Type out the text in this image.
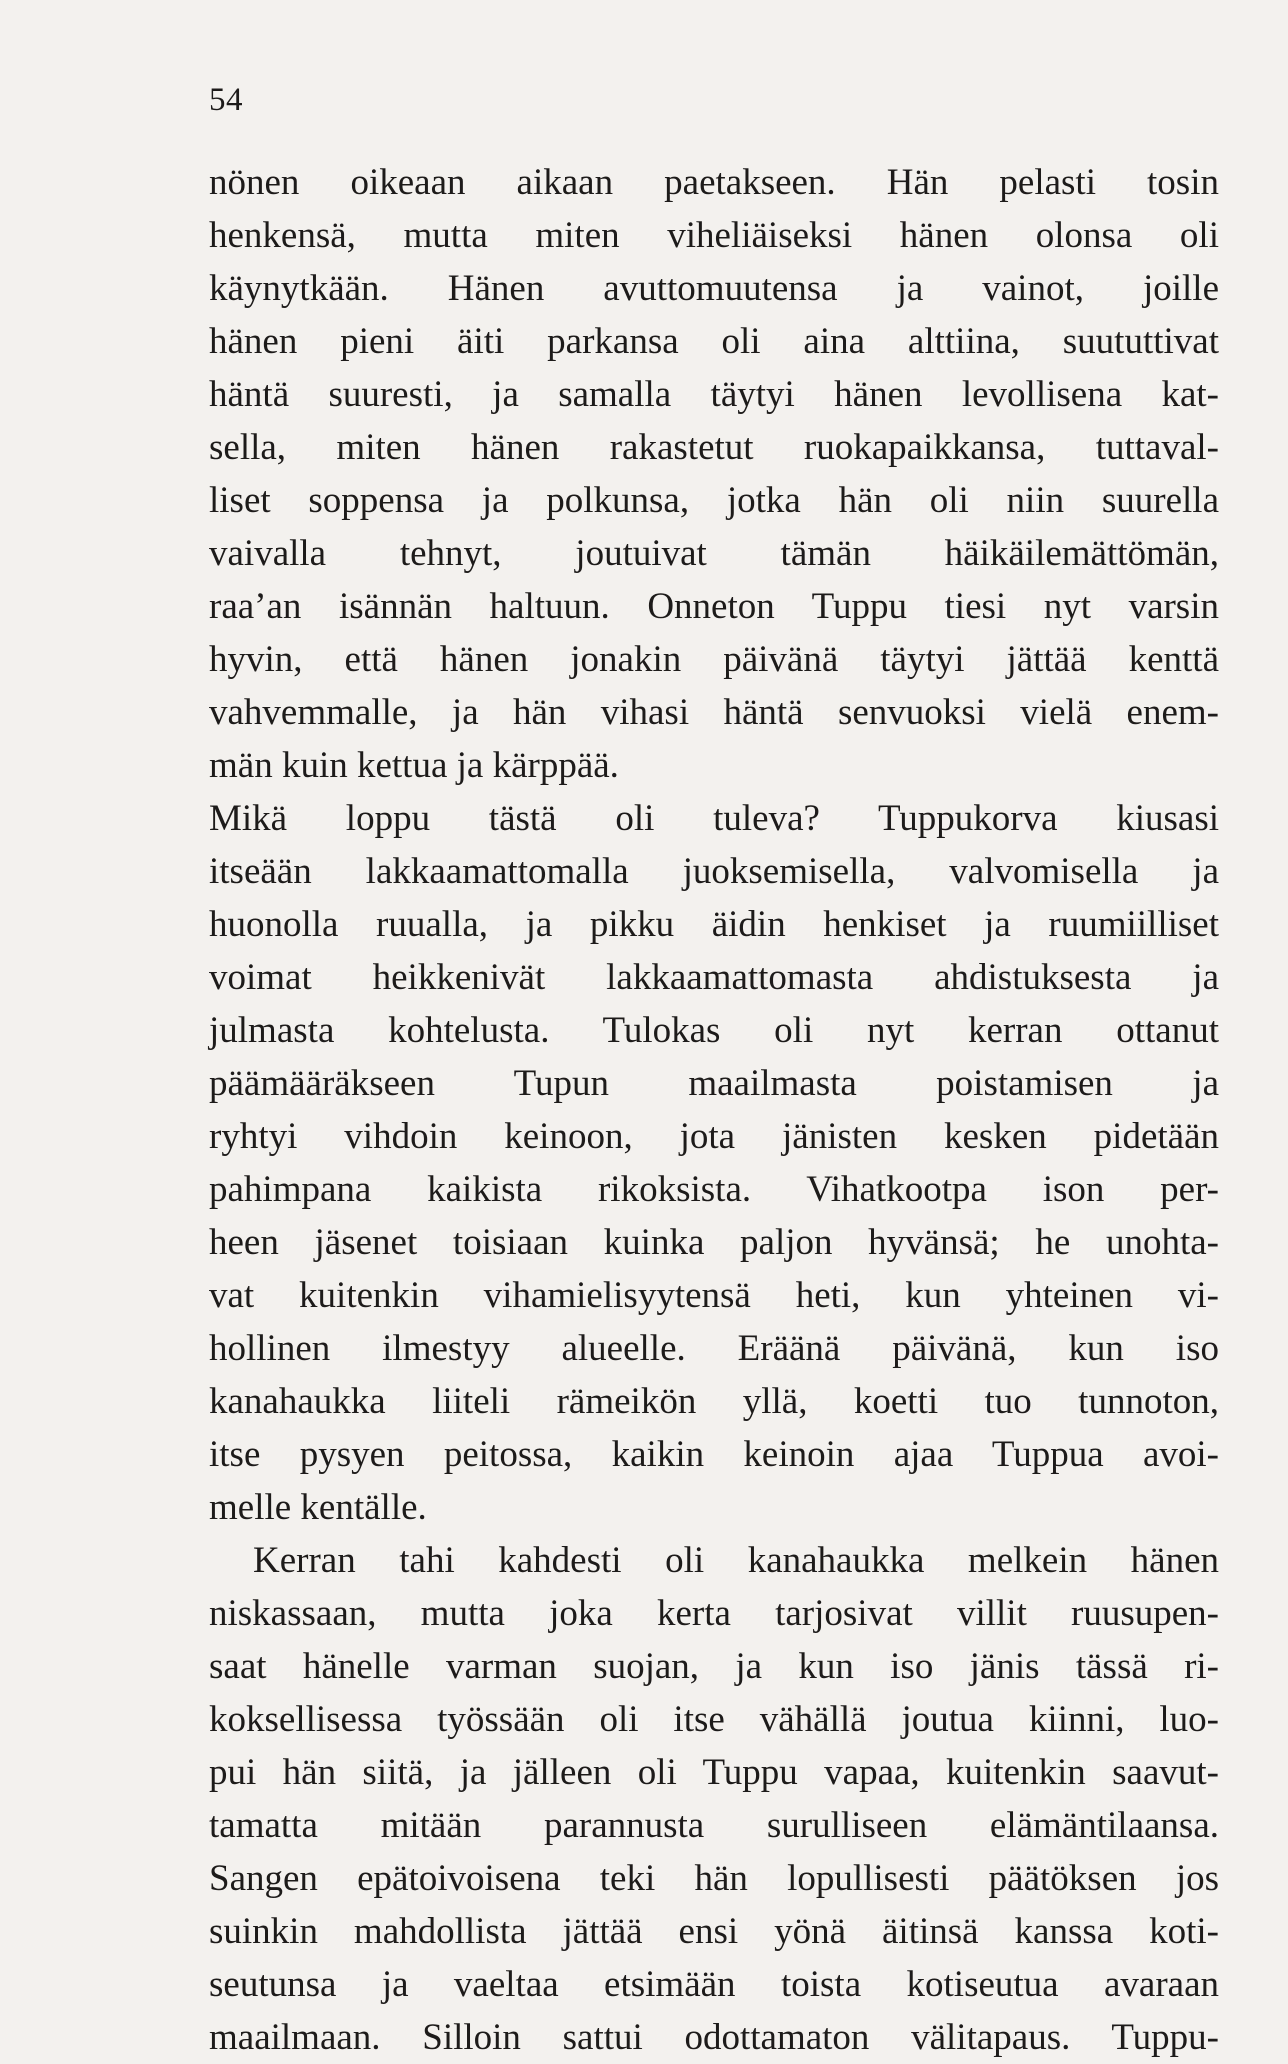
54
nönen oikeaan aikaan paetakseen. Hän pelasti tosin
henkensä, mutta miten viheliäiseksi hänen olonsa oli
käynytkään. Hänen avuttomuutensa ja vainot, joille
hänen pieni äiti parkansa oli aina alttiina, suututtivat
häntä suuresti, ja samalla täytyi hänen levollisena kat-
sella, miten hänen rakastetut ruokapaikkansa, tuttaval-
liset soppensa ja polkunsa, jotka hän oli niin suurella
vaivalla tehnyt, joutuivat tämän häikäilemättömän,
raa’an isännän haltuun. Onneton Tuppu tiesi nyt varsin
hyvin, että hänen jonakin päivänä täytyi jättää kenttä
vahvemmalle, ja hän vihasi häntä senvuoksi vielä enem-
män kuin kettua ja kärppää.
Mikä loppu tästä oli tuleva? Tuppukorva kiusasi
itseään lakkaamattomalla juoksemisella, valvomisella ja
huonolla ruualla, ja pikku äidin henkiset ja ruumiilliset
voimat heikkenivät lakkaamattomasta ahdistuksesta ja
julmasta kohtelusta. Tulokas oli nyt kerran ottanut
päämääräkseen Tupun maailmasta poistamisen ja
ryhtyi vihdoin keinoon, jota jänisten kesken pidetään
pahimpana kaikista rikoksista. Vihatkootpa ison per-
heen jäsenet toisiaan kuinka paljon hyvänsä; he unohta-
vat kuitenkin vihamielisyytensä heti, kun yhteinen vi-
hollinen ilmestyy alueelle. Eräänä päivänä, kun iso
kanahaukka liiteli rämeikön yllä, koetti tuo tunnoton,
itse pysyen peitossa, kaikin keinoin ajaa Tuppua avoi-
melle kentälle.
Kerran tahi kahdesti oli kanahaukka melkein hänen
niskassaan, mutta joka kerta tarjosivat villit ruusupen-
saat hänelle varman suojan, ja kun iso jänis tässä ri-
koksellisessa työssään oli itse vähällä joutua kiinni, luo-
pui hän siitä, ja jälleen oli Tuppu vapaa, kuitenkin saavut-
tamatta mitään parannusta surulliseen elämäntilaansa.
Sangen epätoivoisena teki hän lopullisesti päätöksen jos
suinkin mahdollista jättää ensi yönä äitinsä kanssa koti-
seutunsa ja vaeltaa etsimään toista kotiseutua avaraan
maailmaan. Silloin sattui odottamaton välitapaus. Tuppu-
